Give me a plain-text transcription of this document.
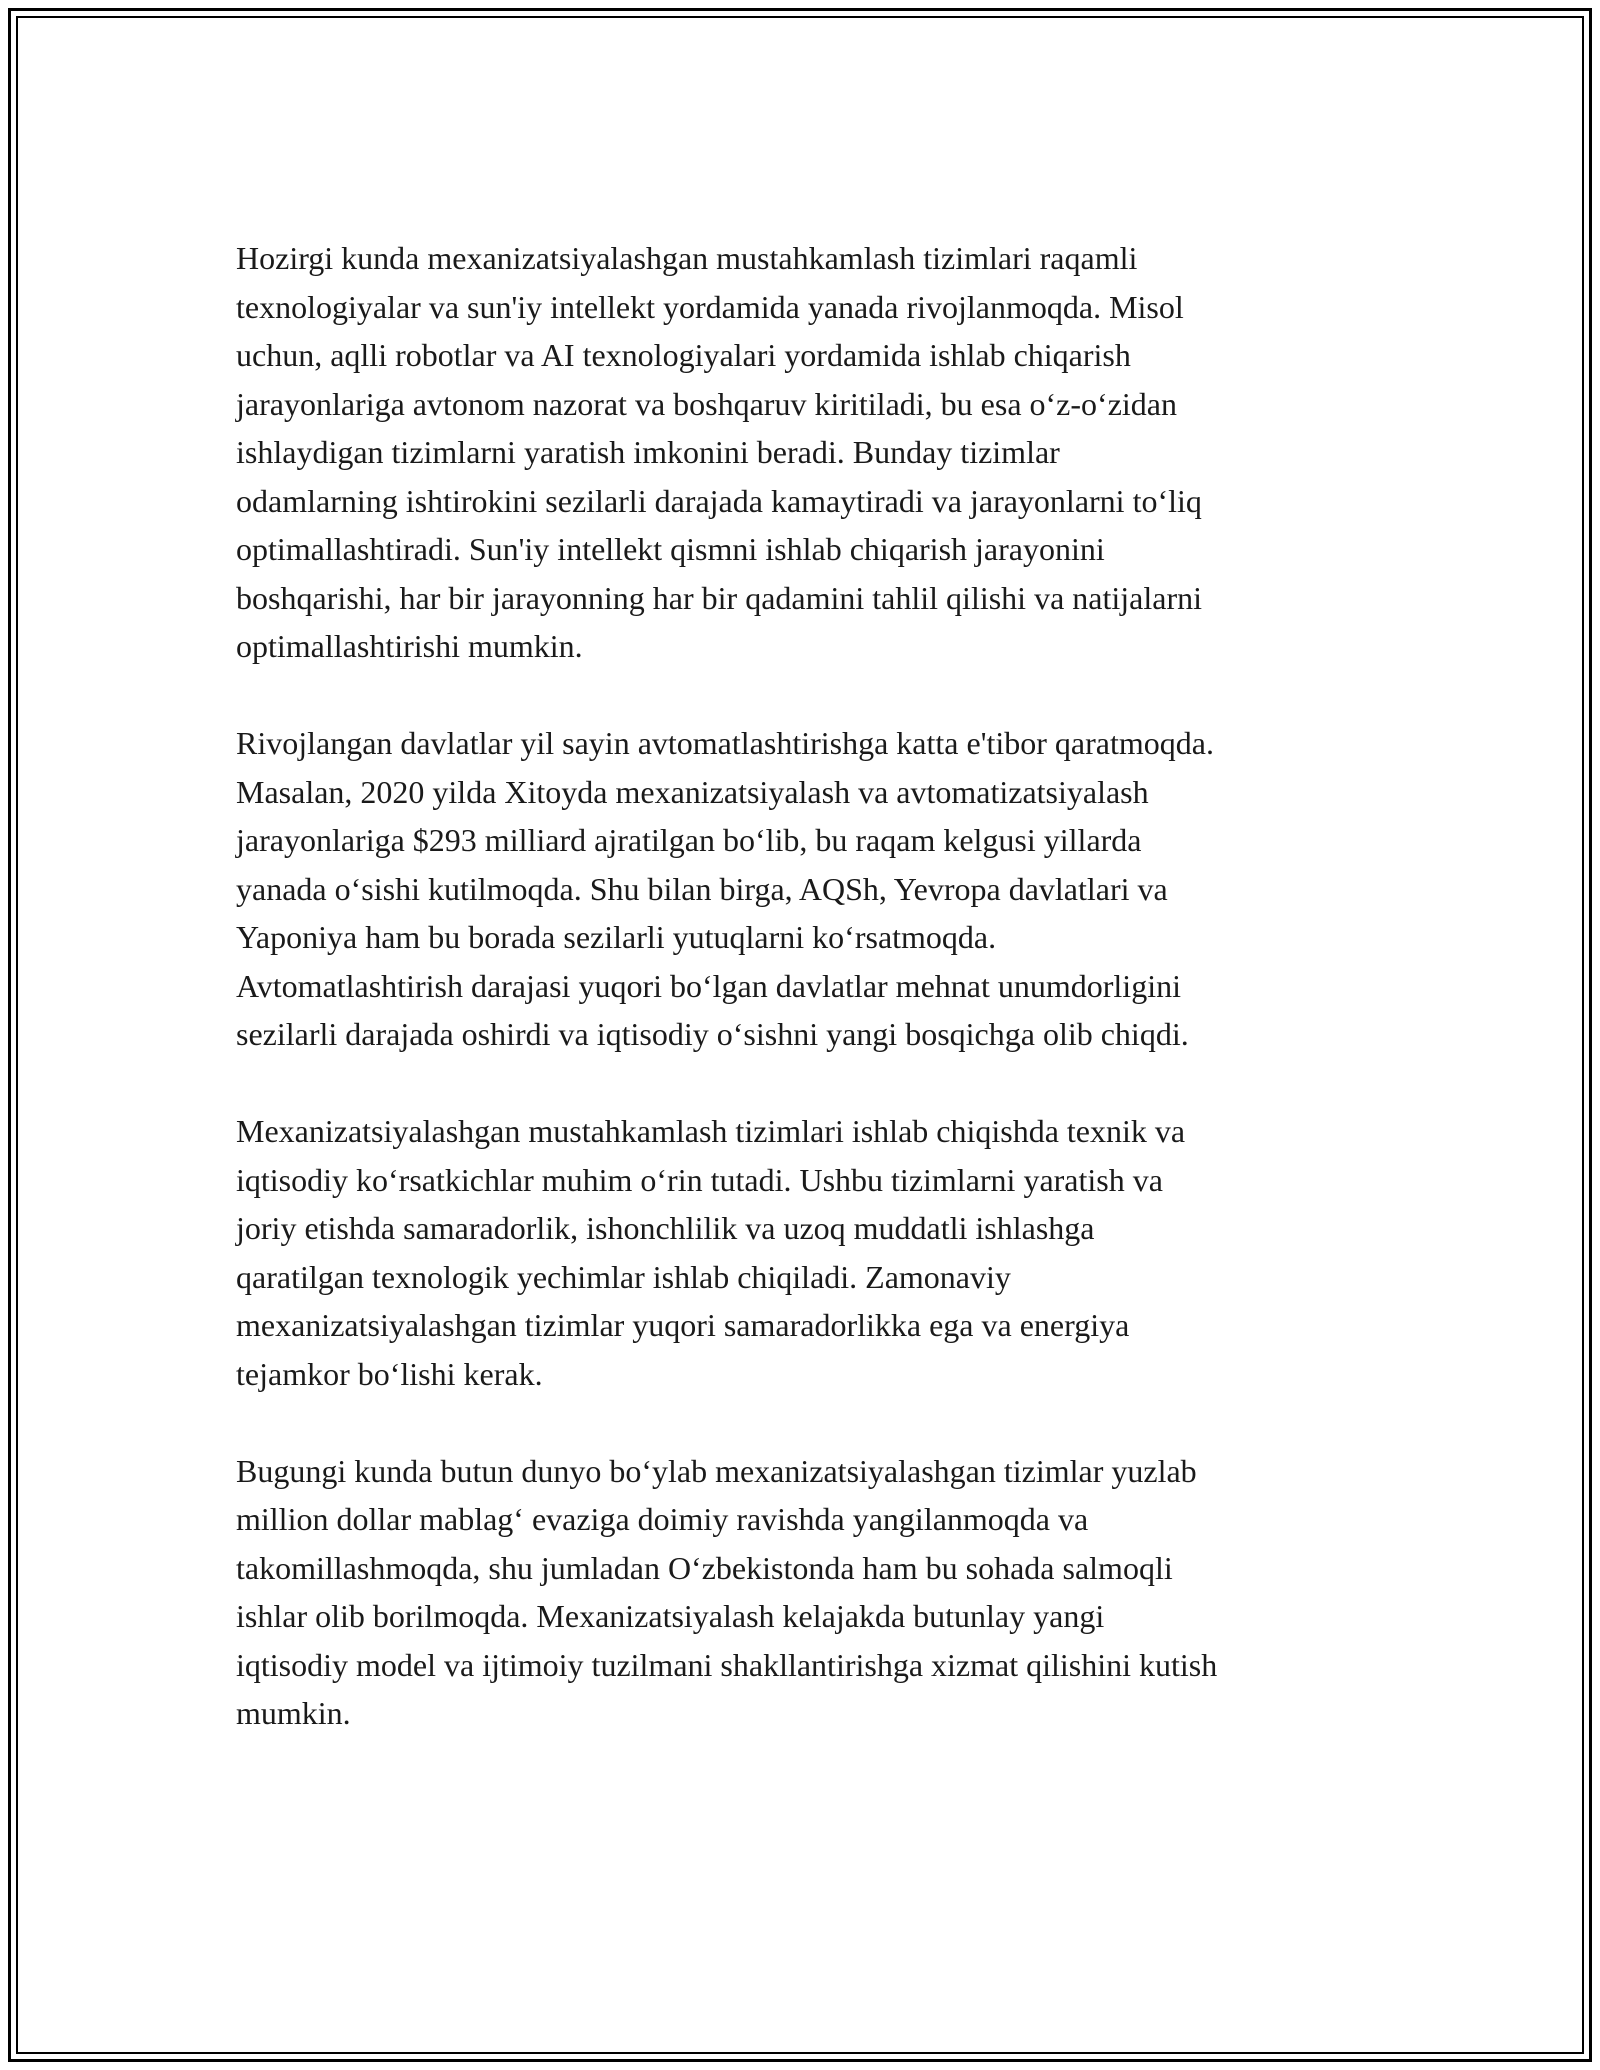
Hozirgi kunda mexanizatsiyalashgan mustahkamlash tizimlari raqamli
texnologiyalar va sun'iy intellekt yordamida yanada rivojlanmoqda. Misol
uchun, aqlli robotlar va AI texnologiyalari yordamida ishlab chiqarish
jarayonlariga avtonom nazorat va boshqaruv kiritiladi, bu esa oʻz-oʻzidan
ishlaydigan tizimlarni yaratish imkonini beradi. Bunday tizimlar
odamlarning ishtirokini sezilarli darajada kamaytiradi va jarayonlarni toʻliq
optimallashtiradi. Sun'iy intellekt qismni ishlab chiqarish jarayonini
boshqarishi, har bir jarayonning har bir qadamini tahlil qilishi va natijalarni
optimallashtirishi mumkin.

Rivojlangan davlatlar yil sayin avtomatlashtirishga katta e'tibor qaratmoqda.
Masalan, 2020 yilda Xitoyda mexanizatsiyalash va avtomatizatsiyalash
jarayonlariga $293 milliard ajratilgan boʻlib, bu raqam kelgusi yillarda
yanada oʻsishi kutilmoqda. Shu bilan birga, AQSh, Yevropa davlatlari va
Yaponiya ham bu borada sezilarli yutuqlarni koʻrsatmoqda.
Avtomatlashtirish darajasi yuqori boʻlgan davlatlar mehnat unumdorligini
sezilarli darajada oshirdi va iqtisodiy oʻsishni yangi bosqichga olib chiqdi.

Mexanizatsiyalashgan mustahkamlash tizimlari ishlab chiqishda texnik va
iqtisodiy koʻrsatkichlar muhim oʻrin tutadi. Ushbu tizimlarni yaratish va
joriy etishda samaradorlik, ishonchlilik va uzoq muddatli ishlashga
qaratilgan texnologik yechimlar ishlab chiqiladi. Zamonaviy
mexanizatsiyalashgan tizimlar yuqori samaradorlikka ega va energiya
tejamkor boʻlishi kerak.

Bugungi kunda butun dunyo boʻylab mexanizatsiyalashgan tizimlar yuzlab
million dollar mablagʻ evaziga doimiy ravishda yangilanmoqda va
takomillashmoqda, shu jumladan Oʻzbekistonda ham bu sohada salmoqli
ishlar olib borilmoqda. Mexanizatsiyalash kelajakda butunlay yangi
iqtisodiy model va ijtimoiy tuzilmani shakllantirishga xizmat qilishini kutish
mumkin.
